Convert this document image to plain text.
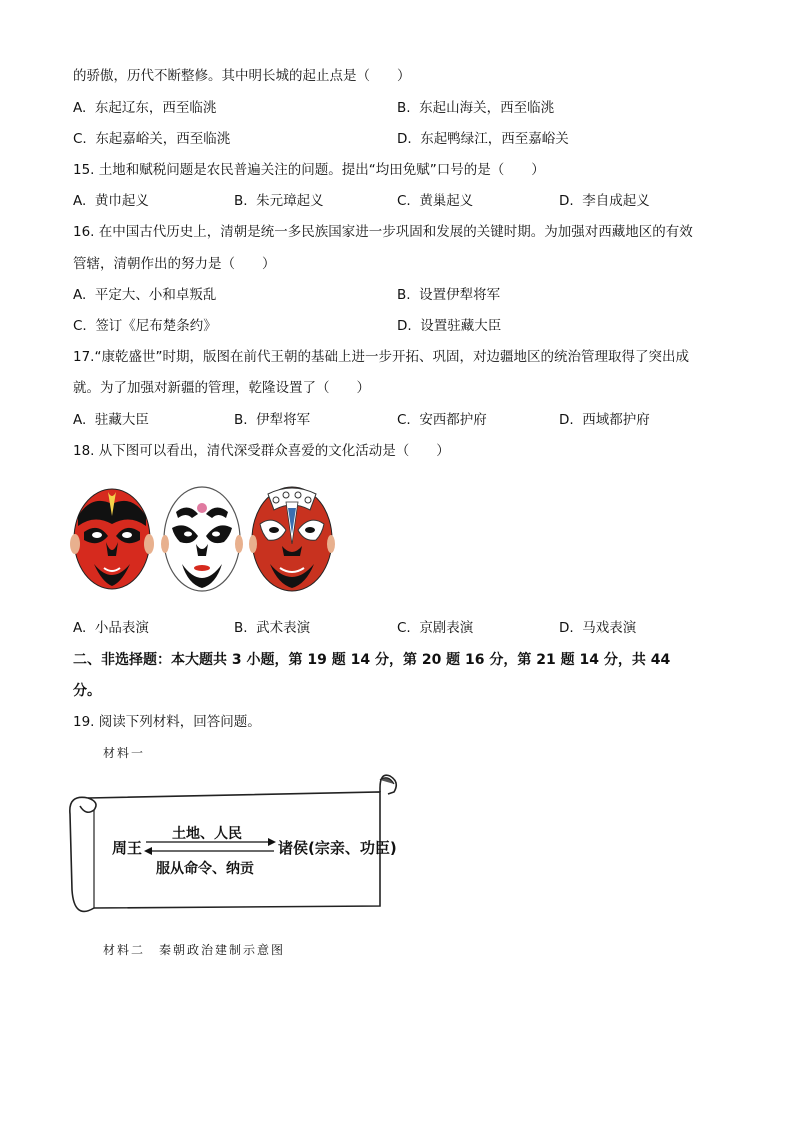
的骄傲，历代不断整修。其中明长城的起止点是（　　）
A. 东起辽东，西至临洮	B. 东起山海关，西至临洮
C. 东起嘉峪关，西至临洮	D. 东起鸭绿江，西至嘉峪关
15. 土地和赋税问题是农民普遍关注的问题。提出“均田免赋”口号的是（　　）
A. 黄巾起义	B. 朱元璋起义	C. 黄巢起义	D. 李自成起义
16. 在中国古代历史上，清朝是统一多民族国家进一步巩固和发展的关键时期。为加强对西藏地区的有效
管辖，清朝作出的努力是（　　）
A. 平定大、小和卓叛乱	B. 设置伊犁将军
C. 签订《尼布楚条约》	D. 设置驻藏大臣
17.“康乾盛世”时期，版图在前代王朝的基础上进一步开拓、巩固，对边疆地区的统治管理取得了突出成
就。为了加强对新疆的管理，乾隆设置了（　　）
A. 驻藏大臣	B. 伊犁将军	C. 安西都护府	D. 西域都护府
18. 从下图可以看出，清代深受群众喜爱的文化活动是（　　）
A. 小品表演	B. 武术表演	C. 京剧表演	D. 马戏表演
二、非选择题：本大题共 3 小题，第 19 题 14 分，第 20 题 16 分，第 21 题 14 分，共 44
分。
19. 阅读下列材料，回答问题。
材料一
周王
土地、人民
服从命令、纳贡
诸侯(宗亲、功臣)
材料二　秦朝政治建制示意图
